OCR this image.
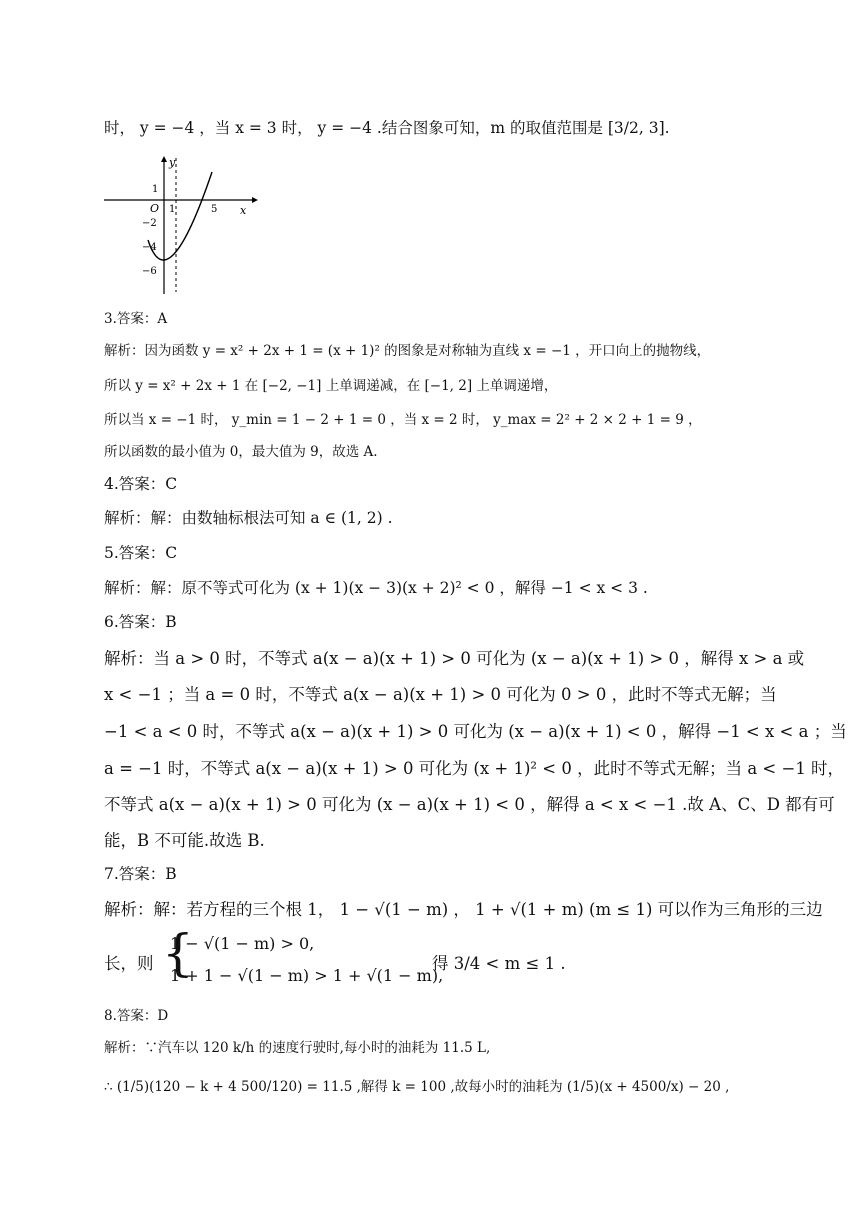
时， y = −4 ，当 x = 3 时， y = −4 .结合图象可知，m 的取值范围是 [3/2, 3].
y
x
O 1	5
1
−2
−4
−6
3.答案：A
解析：因为函数 y = x² + 2x + 1 = (x + 1)² 的图象是对称轴为直线 x = −1 ，开口向上的抛物线，
所以 y = x² + 2x + 1 在 [−2, −1] 上单调递减，在 [−1, 2] 上单调递增，
所以当 x = −1 时， y_min = 1 − 2 + 1 = 0 ，当 x = 2 时， y_max = 2² + 2 × 2 + 1 = 9 ，
所以函数的最小值为 0，最大值为 9，故选 A.
4.答案：C
解析：解：由数轴标根法可知 a ∈ (1, 2) .
5.答案：C
解析：解：原不等式可化为 (x + 1)(x − 3)(x + 2)² < 0 ，解得 −1 < x < 3 .
6.答案：B
解析：当 a > 0 时，不等式 a(x − a)(x + 1) > 0 可化为 (x − a)(x + 1) > 0 ，解得 x > a 或
x < −1 ；当 a = 0 时，不等式 a(x − a)(x + 1) > 0 可化为 0 > 0 ，此时不等式无解；当
−1 < a < 0 时，不等式 a(x − a)(x + 1) > 0 可化为 (x − a)(x + 1) < 0 ，解得 −1 < x < a ；当
a = −1 时，不等式 a(x − a)(x + 1) > 0 可化为 (x + 1)² < 0 ，此时不等式无解；当 a < −1 时，
不等式 a(x − a)(x + 1) > 0 可化为 (x − a)(x + 1) < 0 ，解得 a < x < −1 .故 A、C、D 都有可
能，B 不可能.故选 B.
7.答案：B
解析：解：若方程的三个根 1， 1 − √(1 − m) ， 1 + √(1 + m) (m ≤ 1) 可以作为三角形的三边
长，则 {
1 − √(1 − m) > 0,
1 + 1 − √(1 − m) > 1 + √(1 − m),
得 3/4 < m ≤ 1 .
8.答案：D
解析：∵汽车以 120 k/h 的速度行驶时,每小时的油耗为 11.5 L,
∴ (1/5)(120 − k + 4 500/120) = 11.5 ,解得 k = 100 ,故每小时的油耗为 (1/5)(x + 4500/x) − 20 ,
